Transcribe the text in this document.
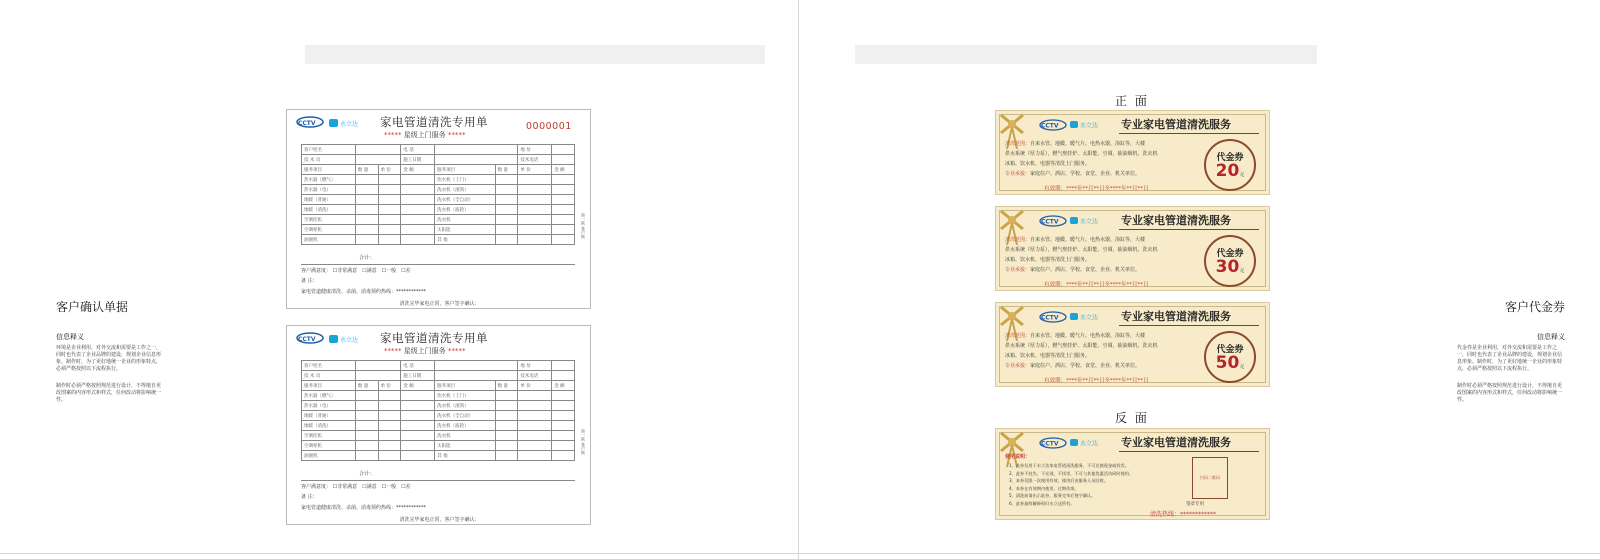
客户确认单据
信息释义
环境是企业利用，对外交流和需要是工作之一，同时也代表了企业品牌的建设，规划企业信息形象。制作时，为了更好地统一企业的形象特点，必须严格按照以下流程执行。
制作时必须严格按照规范进行设计，不得擅自更改图案的内容形式和样式，任何改动将影响统一性。
CCTV	水立达 家电管道清洗专用单
***** 星级上门服务 *****
0000001
客户姓名			电 话			地 址	
技 术 员			施工日期			技术电话	
服务项目	数 量	单 价	金 额	服务项目	数 量	单 价	金 额
热水器（燃气）				饮水机（上门）			
热水器（电）				洗衣机（滚筒）			
地暖（普通）				洗衣机（全自动）			
地暖（清洗）				洗衣机（波轮）			
空调挂机				洗衣机			
空调柜机				太阳能			
油烟机				其 他			
合计：
客户满意度： ☐非常满意　☐满意　☐一般　☐差
备 注：
家电管道健康清洗、杀菌、消毒预约热线：************
清洗完毕家电正常，客户签字确认：
第一联 客户联
CCTV	水立达 家电管道清洗专用单
***** 星级上门服务 *****
客户姓名			电 话			地 址	
技 术 员			施工日期			技术电话	
服务项目	数 量	单 价	金 额	服务项目	数 量	单 价	金 额
热水器（燃气）				饮水机（上门）			
热水器（电）				洗衣机（滚筒）			
地暖（普通）				洗衣机（全自动）			
地暖（清洗）				洗衣机（波轮）			
空调挂机				洗衣机			
空调柜机				太阳能			
油烟机				其 他			
合计：
客户满意度： ☐非常满意　☐满意　☐一般　☐差
备 注：
家电管道健康清洗、杀菌、消毒预约热线：************
清洗完毕家电正常，客户签字确认：
第一联 客户联
客户代金券
信息释义
代金券是企业利用，对外交流和需要是工作之一，同时也代表了企业品牌的建设，规划企业信息形象。制作时，为了更好地统一企业的形象特点，必须严格按照以下流程执行。
制作时必须严格按照规范进行设计，不得擅自更改图案的内容形式和样式，任何改动将影响统一性。
正 面
反 面
CCTV	水立达 专业家电管道清洗服务
清洗范围：自来水管、地暖、暖气片、电热水器、浴缸等，大楼
供水系统（厚力泵），燃气壁挂炉、太阳能、空调、抽油烟机、洗衣机
冰箱、饮水机、电器等清洗上门服务。
专业承接：家庭住户、酒店、学校、食堂、企业、机关单位。
有效期：****年**月**日至****年**月**日
代金券
20元
CCTV	水立达 专业家电管道清洗服务
清洗范围：自来水管、地暖、暖气片、电热水器、浴缸等，大楼
供水系统（厚力泵），燃气壁挂炉、太阳能、空调、抽油烟机、洗衣机
冰箱、饮水机、电器等清洗上门服务。
专业承接：家庭住户、酒店、学校、食堂、企业、机关单位。
有效期：****年**月**日至****年**月**日
代金券
30元
CCTV	水立达 专业家电管道清洗服务
清洗范围：自来水管、地暖、暖气片、电热水器、浴缸等，大楼
供水系统（厚力泵），燃气壁挂炉、太阳能、空调、抽油烟机、洗衣机
冰箱、饮水机、电器等清洗上门服务。
专业承接：家庭住户、酒店、学校、食堂、企业、机关单位。
有效期：****年**月**日至****年**月**日
代金券
50元
CCTV	水立达 专业家电管道清洗服务
使用说明：
1、此券仅用于水立达家电管道清洗服务，不可兑换现金或找零。
2、此券不挂失、不兑现，不找零，不可与其他优惠活动同时使用。
3、本券仅限一次使用有效，使用后由服务人员回收。
4、本券在有效期内使用，过期作废。
5、清洗前请出示此券，服务完毕后签字确认。
6、此券最终解释权归水立达所有。
扫码二维码
签章专用
清洗热线：************
